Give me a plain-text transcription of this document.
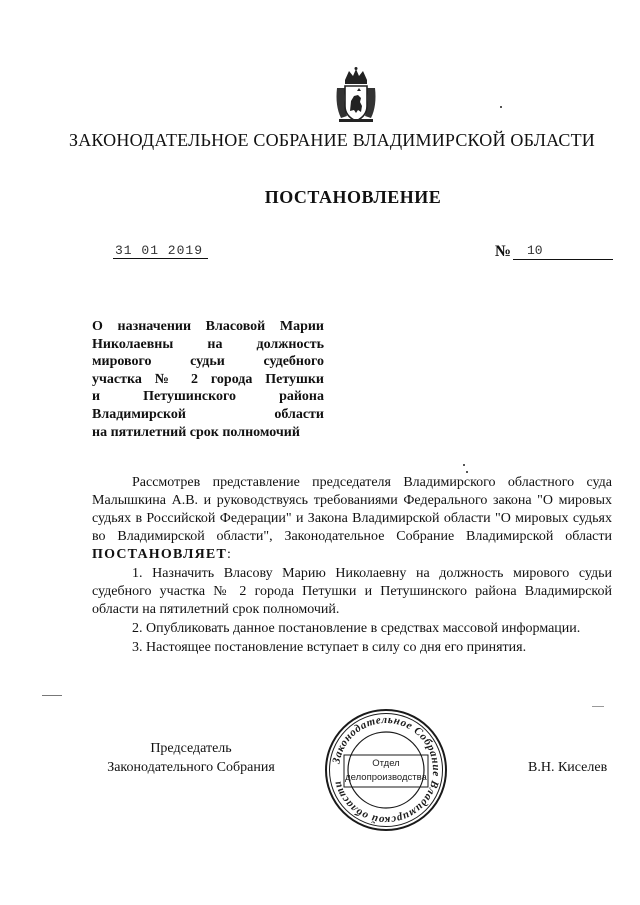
ЗАКОНОДАТЕЛЬНОЕ СОБРАНИЕ ВЛАДИМИРСКОЙ ОБЛАСТИ
ПОСТАНОВЛЕНИЕ
31 01 2019	№ 10
О назначении Власовой Марии
Николаевны на должность
мирового судьи судебного
участка № 2 города Петушки
и Петушинского района
Владимирской области
на пятилетний срок полномочий

Рассмотрев представление председателя Владимирского областного суда Малышкина А.В. и руководствуясь требованиями Федерального закона "О мировых судьях в Российской Федерации" и Закона Владимирской области "О мировых судьях во Владимирской области", Законодательное Собрание Владимирской области ПОСТАНОВЛЯЕТ:

1. Назначить Власову Марию Николаевну на должность мирового судьи судебного участка № 2 города Петушки и Петушинского района Владимирской области на пятилетний срок полномочий.

2. Опубликовать данное постановление в средствах массовой информации.

3. Настоящее постановление вступает в силу со дня его принятия.

Председатель
Законодательного Собрания	Законодательное Собрание Владимирской области
Отдел
делопроизводства
В.Н. Киселев
